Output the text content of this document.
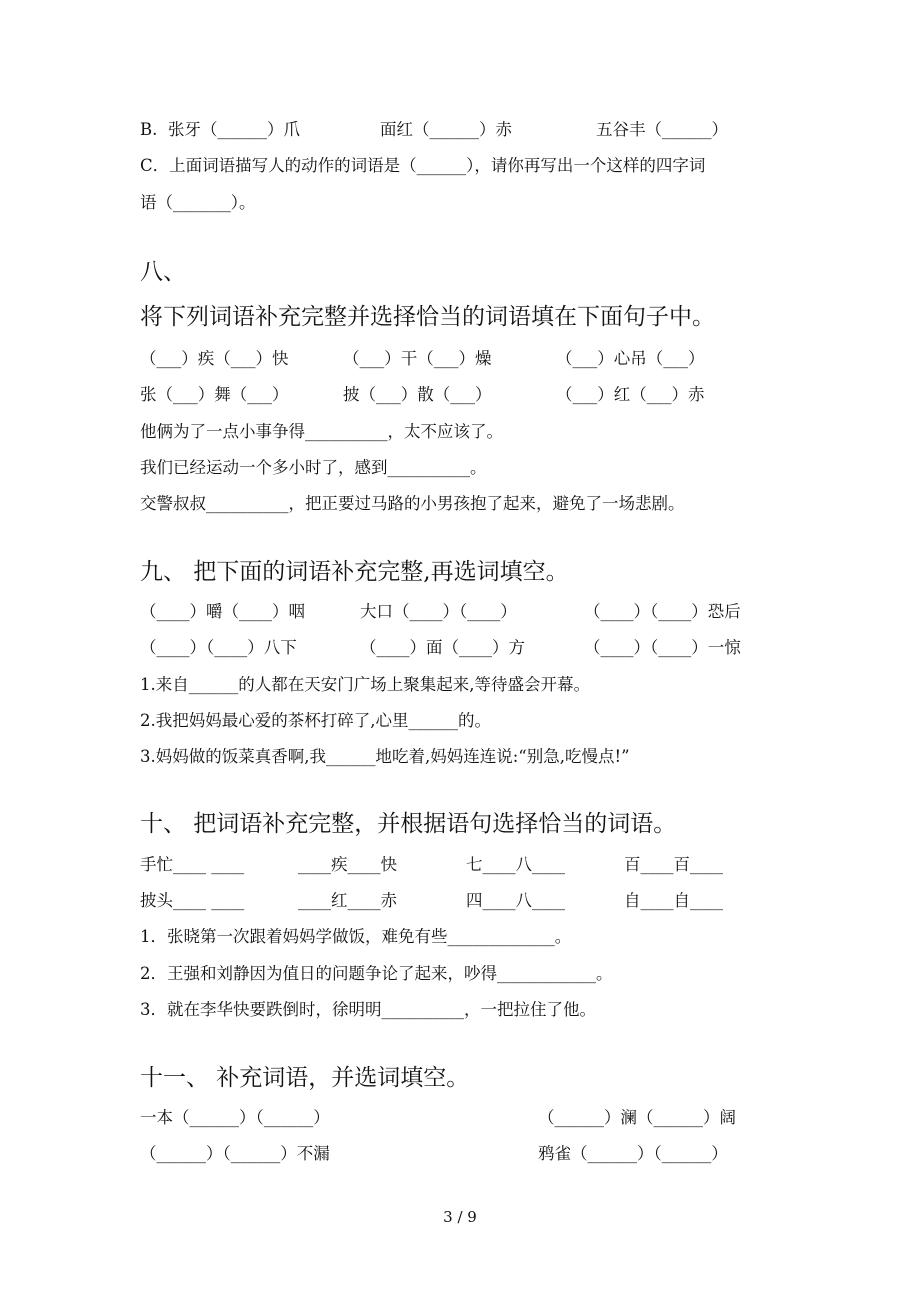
B. 张牙（______）爪	面红（______）赤	五谷丰（______）
C．上面词语描写人的动作的词语是（______），请你再写出一个这样的四字词
语（_______）。
八、
将下列词语补充完整并选择恰当的词语填在下面句子中。
（___）疾（___）快	（___）干（___）燥	（___）心吊（___）
张（___）舞（___）	披（___）散（___）	（___）红（___）赤
他俩为了一点小事争得__________，太不应该了。
我们已经运动一个多小时了，感到__________。
交警叔叔__________，把正要过马路的小男孩抱了起来，避免了一场悲剧。
九、 把下面的词语补充完整,再选词填空。
（____）嚼（____）咽	大口（____）（____）	（____）（____）恐后
（____）（____）八下	（____）面（____）方	（____）（____）一惊
1.来自______的人都在天安门广场上聚集起来,等待盛会开幕。
2.我把妈妈最心爱的茶杯打碎了,心里______的。
3.妈妈做的饭菜真香啊,我______地吃着,妈妈连连说:“别急,吃慢点!”
十、 把词语补充完整，并根据语句选择恰当的词语。
手忙____ ____	____疾____快	七____八____	百____百____
披头____ ____	____红____赤	四____八____	自____自____
1．张晓第一次跟着妈妈学做饭，难免有些_____________。
2．王强和刘静因为值日的问题争论了起来，吵得____________。
3．就在李华快要跌倒时，徐明明__________，一把拉住了他。
十一、 补充词语，并选词填空。
一本（______）（______）	（______）澜（______）阔
（______）（______）不漏	鸦雀（______）（______）
3 / 9
